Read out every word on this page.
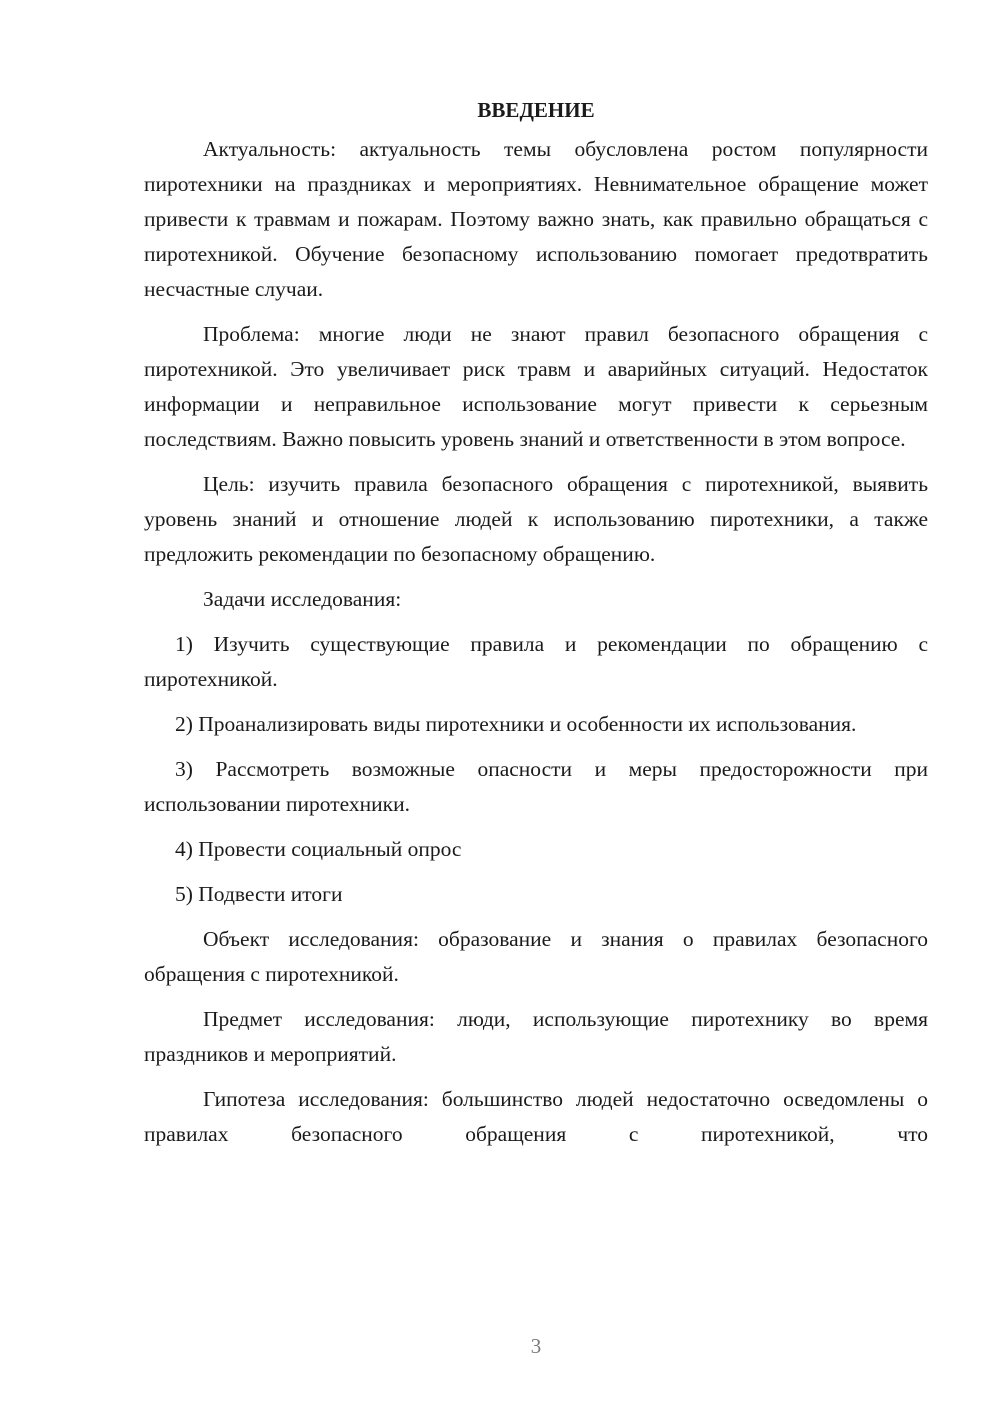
ВВЕДЕНИЕ

Актуальность: актуальность темы обусловлена ростом популярности пиротехники на праздниках и мероприятиях. Невнимательное обращение может привести к травмам и пожарам. Поэтому важно знать, как правильно обращаться с пиротехникой. Обучение безопасному использованию помогает предотвратить несчастные случаи.

Проблема: многие люди не знают правил безопасного обращения с пиротехникой. Это увеличивает риск травм и аварийных ситуаций. Недостаток информации и неправильное использование могут привести к серьезным последствиям. Важно повысить уровень знаний и ответственности в этом вопросе.

Цель: изучить правила безопасного обращения с пиротехникой, выявить уровень знаний и отношение людей к использованию пиротехники, а также предложить рекомендации по безопасному обращению.

Задачи исследования:

1) Изучить существующие правила и рекомендации по обращению с пиротехникой.

2) Проанализировать виды пиротехники и особенности их использования.

3) Рассмотреть возможные опасности и меры предосторожности при использовании пиротехники.

4) Провести социальный опрос

5) Подвести итоги

Объект исследования: образование и знания о правилах безопасного обращения с пиротехникой.

Предмет исследования: люди, использующие пиротехнику во время праздников и мероприятий.

Гипотеза исследования: большинство людей недостаточно осведомлены о правилах безопасного обращения с пиротехникой, что

3
